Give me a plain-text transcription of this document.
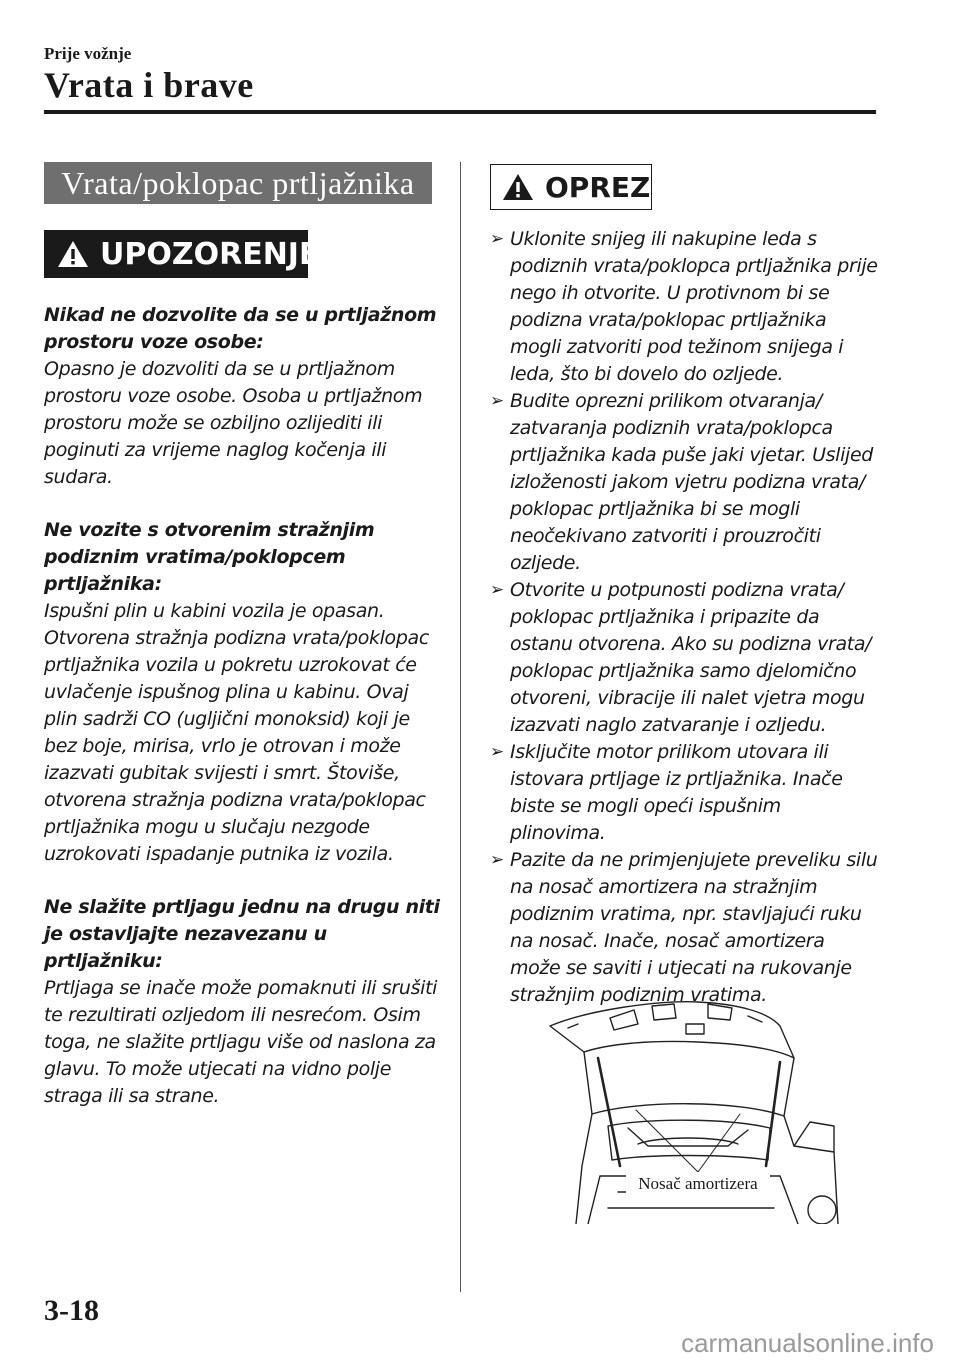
Prije vožnje
Vrata i brave
Vrata/poklopac prtljažnika
UPOZORENJE

Nikad ne dozvolite da se u prtljažnom prostoru voze osobe:

Opasno je dozvoliti da se u prtljažnom prostoru voze osobe. Osoba u prtljažnom prostoru može se ozbiljno ozlijediti ili poginuti za vrijeme naglog kočenja ili sudara.

Ne vozite s otvorenim stražnjim podiznim vratima/poklopcem prtljažnika:

Ispušni plin u kabini vozila je opasan. Otvorena stražnja podizna vrata/poklopac prtljažnika vozila u pokretu uzrokovat će uvlačenje ispušnog plina u kabinu. Ovaj plin sadrži CO (ugljični monoksid) koji je bez boje, mirisa, vrlo je otrovan i može izazvati gubitak svijesti i smrt. Štoviše, otvorena stražnja podizna vrata/poklopac prtljažnika mogu u slučaju nezgode uzrokovati ispadanje putnika iz vozila.

Ne slažite prtljagu jednu na drugu niti je ostavljajte nezavezanu u prtljažniku:

Prtljaga se inače može pomaknuti ili srušiti te rezultirati ozljedom ili nesrećom. Osim toga, ne slažite prtljagu više od naslona za glavu. To može utjecati na vidno polje straga ili sa strane.

OPREZ
➢ Uklonite snijeg ili nakupine leda s podiznih vrata/poklopca prtljažnika prije nego ih otvorite. U protivnom bi se podizna vrata/poklopac prtljažnika mogli zatvoriti pod težinom snijega i leda, što bi dovelo do ozljede.
➢ Budite oprezni prilikom otvaranja/ zatvaranja podiznih vrata/poklopca prtljažnika kada puše jaki vjetar. Uslijed izloženosti jakom vjetru podizna vrata/ poklopac prtljažnika bi se mogli neočekivano zatvoriti i prouzročiti ozljede.
➢ Otvorite u potpunosti podizna vrata/ poklopac prtljažnika i pripazite da ostanu otvorena. Ako su podizna vrata/ poklopac prtljažnika samo djelomično otvoreni, vibracije ili nalet vjetra mogu izazvati naglo zatvaranje i ozljedu.
➢ Isključite motor prilikom utovara ili istovara prtljage iz prtljažnika. Inače biste se mogli opeći ispušnim plinovima.
➢ Pazite da ne primjenjujete preveliku silu na nosač amortizera na stražnjim podiznim vratima, npr. stavljajući ruku na nosač. Inače, nosač amortizera može se saviti i utjecati na rukovanje stražnjim podiznim vratima.
Nosač amortizera
3-18
carmanualsonline.info
